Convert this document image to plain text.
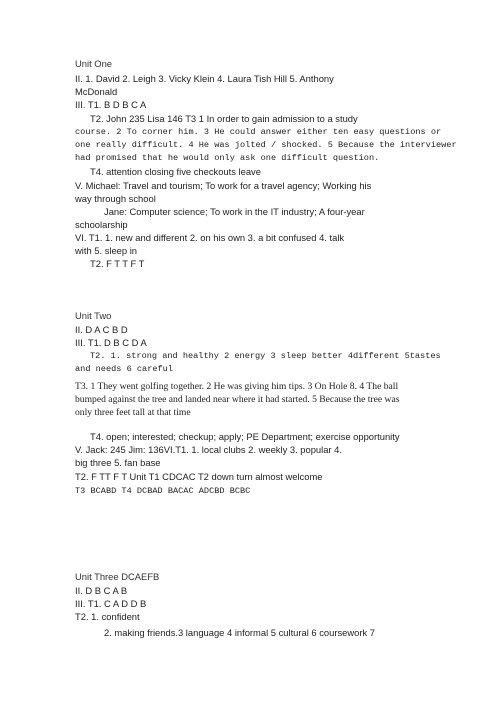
Unit One
II. 1. David 2. Leigh 3. Vicky Klein 4. Laura Tish Hill 5. Anthony
McDonald
III. T1. B D B C A
T2. John 235 Lisa 146 T3 1 In order to gain admission to a study
course. 2 To corner him. 3 He could answer either ten easy questions or
one really difficult. 4 He was jolted / shocked. 5 Because the interviewer
had promised that he would only ask one difficult question.
T4. attention closing five checkouts leave
V. Michael: Travel and tourism; To work for a travel agency; Working his
way through school
Jane: Computer science; To work in the IT industry; A four-year
schoolarship
VI. T1. 1. new and different 2. on his own 3. a bit confused 4. talk
with 5. sleep in
T2. F T T F T
Unit Two
II. D A C B D
III. T1. D B C D A
T2. 1. strong and healthy 2 energy 3 sleep better 4different 5tastes
and needs 6 careful
T3. 1 They went golfing together. 2 He was giving him tips. 3 On Hole 8. 4 The ball
bumped against the tree and landed near where it had started. 5 Because the tree was
only three feet tall at that time
T4. open; interested; checkup; apply; PE Department; exercise opportunity
V. Jack: 245 Jim: 136VI.T1. 1. local clubs 2. weekly 3. popular 4.
big three 5. fan base
T2. F TT F T Unit T1 CDCAC T2 down turn almost welcome
T3 BCABD T4 DCBAD BACAC ADCBD BCBC
Unit Three DCAEFB
II. D B C A B
III. T1. C A D D B
T2. 1. confident
2. making friends.3 language 4 informal 5 cultural 6 coursework 7
